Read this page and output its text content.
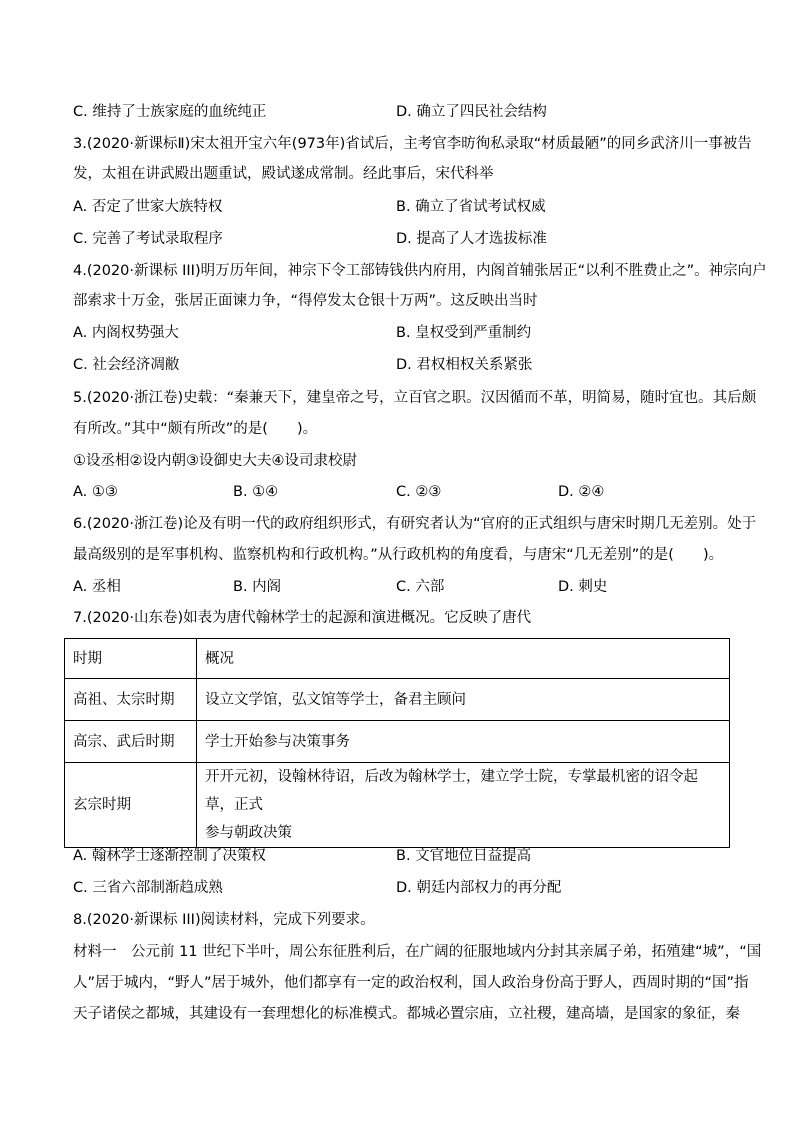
C. 维持了士族家庭的血统纯正	D. 确立了四民社会结构
3.(2020·新课标Ⅱ)宋太祖开宝六年(973年)省试后，主考官李昉徇私录取“材质最陋”的同乡武济川一事被告
发，太祖在讲武殿出题重试，殿试遂成常制。经此事后，宋代科举
A. 否定了世家大族特权	B. 确立了省试考试权威
C. 完善了考试录取程序	D. 提高了人才选拔标准
4.(2020·新课标 III)明万历年间，神宗下令工部铸钱供内府用，内阁首辅张居正“以利不胜费止之”。神宗向户
部索求十万金，张居正面谏力争，“得停发太仓银十万两”。这反映出当时
A. 内阁权势强大	B. 皇权受到严重制约
C. 社会经济凋敝	D. 君权相权关系紧张
5.(2020·浙江卷)史载：“秦兼天下，建皇帝之号，立百官之职。汉因循而不革，明简易，随时宜也。其后颇
有所改。”其中“颇有所改”的是(　　)。
①设丞相②设内朝③设御史大夫④设司隶校尉
A. ①③	B. ①④	C. ②③	D. ②④
6.(2020·浙江卷)论及有明一代的政府组织形式，有研究者认为“官府的正式组织与唐宋时期几无差别。处于
最高级别的是军事机构、监察机构和行政机构。”从行政机构的角度看，与唐宋“几无差别”的是(　　)。
A. 丞相	B. 内阁	C. 六部	D. 刺史
7.(2020·山东卷)如表为唐代翰林学士的起源和演进概况。它反映了唐代
时期	概况
高祖、太宗时期	设立文学馆，弘文馆等学士，备君主顾问
高宗、武后时期	学士开始参与决策事务
玄宗时期	开开元初，设翰林待诏，后改为翰林学士，建立学士院，专掌最机密的诏令起草，正式
参与朝政决策
A. 翰林学士逐渐控制了决策权	B. 文官地位日益提高
C. 三省六部制渐趋成熟	D. 朝廷内部权力的再分配
8.(2020·新课标 III)阅读材料，完成下列要求。
材料一　公元前 11 世纪下半叶，周公东征胜利后，在广阔的征服地域内分封其亲属子弟，拓殖建“城”，“国
人”居于城内，“野人”居于城外，他们都享有一定的政治权利，国人政治身份高于野人，西周时期的“国”指
天子诸侯之都城，其建设有一套理想化的标准模式。都城必置宗庙，立社稷，建高墙，是国家的象征，秦
